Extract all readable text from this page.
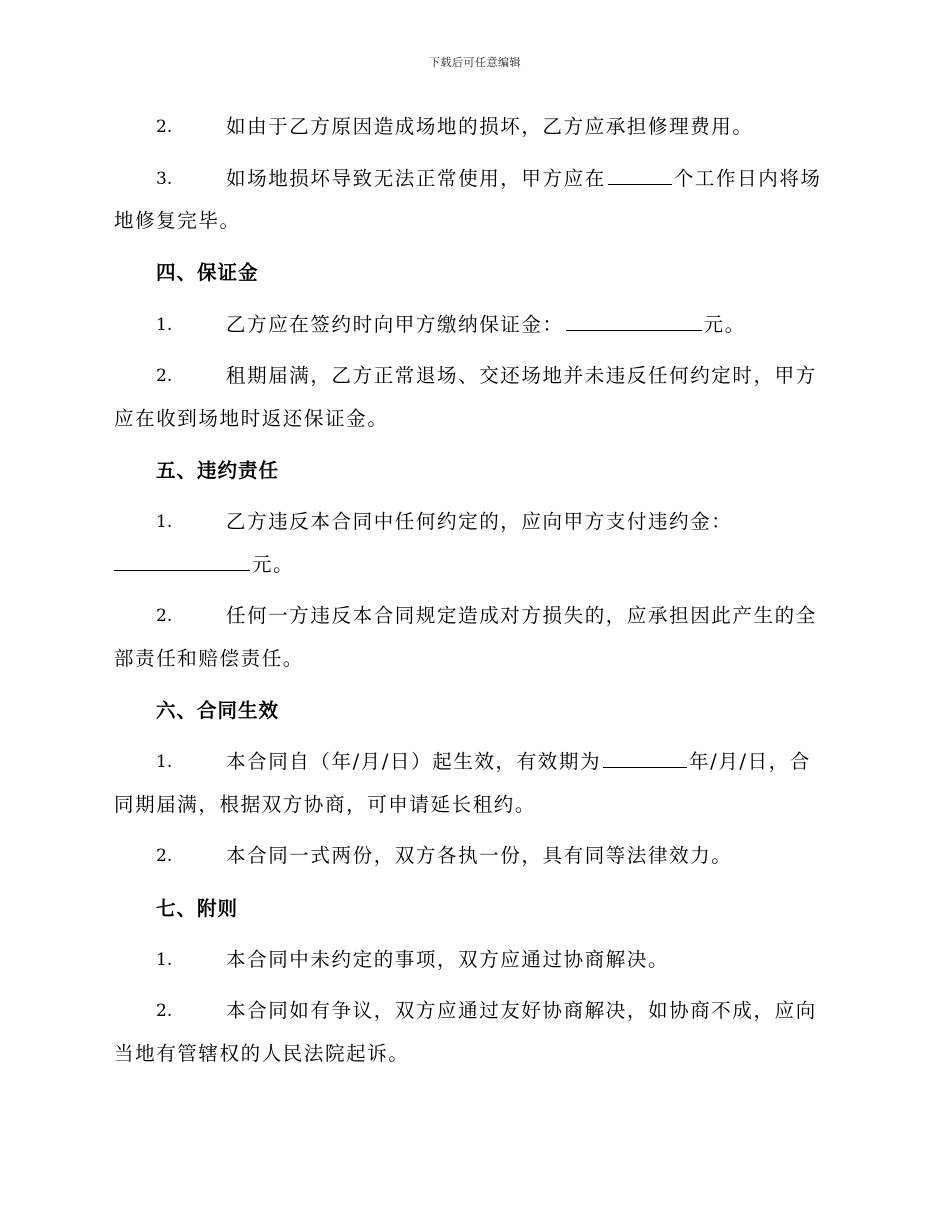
下载后可任意编辑
2.	如由于乙方原因造成场地的损坏，乙方应承担修理费用。
3.	如场地损坏导致无法正常使用，甲方应在	个工作日内将场
地修复完毕。
四、保证金
1.	乙方应在签约时向甲方缴纳保证金：	元。
2.	租期届满，乙方正常退场、交还场地并未违反任何约定时，甲方
应在收到场地时返还保证金。
五、违约责任
1.	乙方违反本合同中任何约定的，应向甲方支付违约金：
元。
2.	任何一方违反本合同规定造成对方损失的，应承担因此产生的全
部责任和赔偿责任。
六、合同生效
1.	本合同自（年/月/日）起生效，有效期为	年/月/日，合
同期届满，根据双方协商，可申请延长租约。
2.	本合同一式两份，双方各执一份，具有同等法律效力。
七、附则
1.	本合同中未约定的事项，双方应通过协商解决。
2.	本合同如有争议，双方应通过友好协商解决，如协商不成，应向
当地有管辖权的人民法院起诉。
